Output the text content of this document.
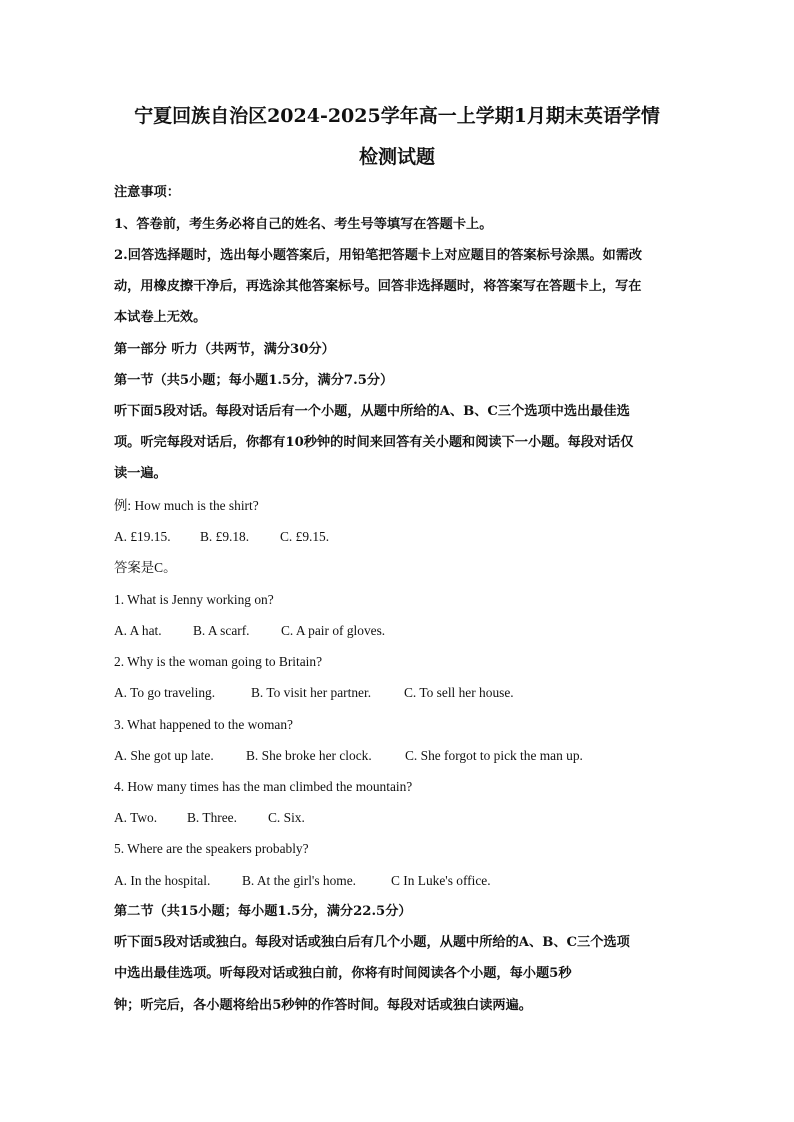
宁夏回族自治区2024-2025学年高一上学期1月期末英语学情
检测试题
注意事项：
1、答卷前，考生务必将自己的姓名、考生号等填写在答题卡上。
2.回答选择题时，选出每小题答案后，用铅笔把答题卡上对应题目的答案标号涂黑。如需改
动，用橡皮擦干净后，再选涂其他答案标号。回答非选择题时，将答案写在答题卡上，写在
本试卷上无效。
第一部分 听力（共两节，满分30分）
第一节（共5小题；每小题1.5分，满分7.5分）
听下面5段对话。每段对话后有一个小题，从题中所给的A、B、C三个选项中选出最佳选
项。听完每段对话后，你都有10秒钟的时间来回答有关小题和阅读下一小题。每段对话仅
读一遍。
例: How much is the shirt?
A. £19.15. B. £9.18. C. £9.15.
答案是C。
1. What is Jenny working on?
A. A hat. B. A scarf. C. A pair of gloves.
2. Why is the woman going to Britain?
A. To go traveling.	B. To visit her partner. C. To sell her house.
3. What happened to the woman?
A. She got up late. B. She broke her clock. C. She forgot to pick the man up.
4. How many times has the man climbed the mountain?
A. Two. B. Three. C. Six.
5. Where are the speakers probably?
A. In the hospital. B. At the girl's home.	C In Luke's office.
第二节（共15小题；每小题1.5分，满分22.5分）
听下面5段对话或独白。每段对话或独白后有几个小题，从题中所给的A、B、C三个选项
中选出最佳选项。听每段对话或独白前，你将有时间阅读各个小题，每小题5秒
钟；听完后，各小题将给出5秒钟的作答时间。每段对话或独白读两遍。
